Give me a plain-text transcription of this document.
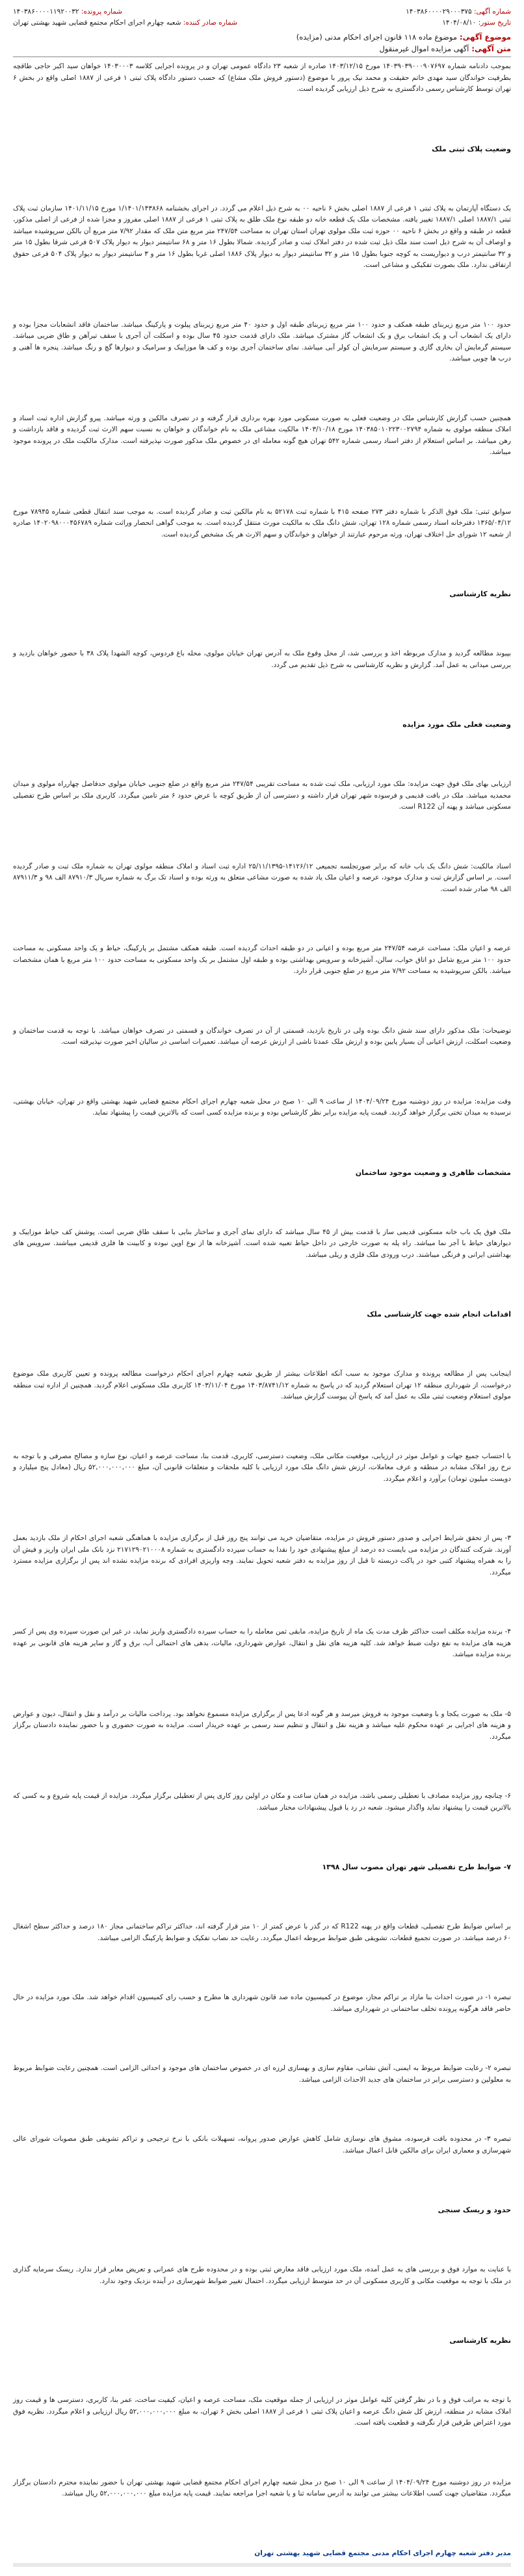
شماره آگهی: ۱۴۰۳۸۶۰۰۰۰۲۹۰۰۰۳۷۵
تاریخ ستور: ۱۴۰۴/۰۸/۱۰
شماره پرونده: ۱۴۰۳۸۶۰۰۰۰۱۱۹۲۰۰۳۲
شماره صادر کننده: شعبه چهارم اجرای احکام مجتمع قضایی شهید بهشتی تهران
موضوع آگهی: موضوع ماده ۱۱۸ قانون اجرای احکام مدنی (مزایده)
متن آگهی: آگهی مزایده اموال غیرمنقول

بموجب دادنامه شماره ۱۴۰۳۹۰۳۹۰۰۰۹۰۷۶۹۷ مورخ ۱۴۰۳/۱۲/۱۵ صادره از شعبه ۲۳ دادگاه عمومی تهران و در پرونده اجرایی کلاسه ۱۴۰۳۰۰۰۳ خواهان سید اکبر حاجی طاقچه بطرفیت خواندگان سید مهدی خاتم حقیقت و محمد نیک پرور با موضوع (دستور فروش ملک مشاع) که حسب دستور دادگاه پلاک ثبتی ۱ فرعی از ۱۸۸۷ اصلی واقع در بخش ۶ تهران توسط کارشناس رسمی دادگستری به شرح ذیل ارزیابی گردیده است.

وضعیت پلاک ثبتی ملک

یک دستگاه آپارتمان به پلاک ثبتی ۱ فرعی از ۱۸۸۷ اصلی بخش ۶ ناحیه ۰۰ به شرح ذیل اعلام می گردد. در اجرای بخشنامه ۱/۱۴۰۱/۱۴۳۸۶۸ مورخ ۱۴۰۱/۱۱/۱۵ سازمان ثبت پلاک ثبتی ۱۸۸۷/۱ اصلی ۱۸۸۷/۱ تغییر یافته. مشخصات ملک یک قطعه خانه دو طبقه نوع ملک طلق به پلاک ثبتی ۱ فرعی از ۱۸۸۷ اصلی مفروز و مجزا شده از فرعی از اصلی مذکور، قطعه در طبقه و واقع در بخش ۶ ناحیه ۰۰ حوزه ثبت ملک مولوی تهران استان تهران به مساحت ۲۴۷/۵۴ متر مربع متن ملک که مقدار ۷/۹۲ متر مربع آن بالکن سرپوشیده میباشد و اوصاف آن به شرح ذیل است سند ملک ذیل ثبت شده در دفتر املاک ثبت و صادر گردیده. شمالا بطول ۱۶ متر و ۶۸ سانتیمتر دیوار به دیوار پلاک ۵۰۷ فرعی شرقا بطول ۱۵ متر و ۳۲ سانتیمتر درب و دیواریست به کوچه جنوبا بطول ۱۵ متر و ۳۲ سانتیمتر دیوار به دیوار پلاک ۱۸۸۶ اصلی غربا بطول ۱۶ متر و ۳ سانتیمتر دیوار به دیوار پلاک ۵۰۴ فرعی حقوق ارتفاقی ندارد. ملک بصورت تفکیکی و مشاعی است.

حدود ۱۰۰ متر مربع زیربنای طبقه همکف و حدود ۱۰۰ متر مربع زیربنای طبقه اول و حدود ۴۰ متر مربع زیربنای پیلوت و پارکینگ میباشد. ساختمان فاقد انشعابات مجزا بوده و دارای یک انشعاب آب و یک انشعاب برق و یک انشعاب گاز مشترک میباشد. ملک دارای قدمت حدود ۴۵ سال بوده و اسکلت آن آجری با سقف تیرآهن و طاق ضربی میباشد. سیستم گرمایش آن بخاری گازی و سیستم سرمایش آن کولر آبی میباشد. نمای ساختمان آجری بوده و کف ها موزاییک و سرامیک و دیوارها گچ و رنگ میباشد. پنجره ها آهنی و درب ها چوبی میباشد.

همچنین حسب گزارش کارشناس ملک در وضعیت فعلی به صورت مسکونی مورد بهره برداری قرار گرفته و در تصرف مالکین و ورثه میباشد. پیرو گزارش اداره ثبت اسناد و املاک منطقه مولوی به شماره ۱۴۰۳۸۵۰۱۰۲۲۳۰۰۲۷۹۴ مورخ ۱۴۰۳/۱۰/۱۸ مالکیت مشاعی ملک به نام خواندگان و خواهان به نسبت سهم الارث ثبت گردیده و فاقد بازداشت و رهن میباشد. بر اساس استعلام از دفتر اسناد رسمی شماره ۵۴۲ تهران هیچ گونه معامله ای در خصوص ملک مذکور صورت نپذیرفته است. مدارک مالکیت ملک در پرونده موجود میباشد.

سوابق ثبتی: ملک فوق الذکر با شماره دفتر ۲۷۳ صفحه ۴۱۵ با شماره ثبت ۵۲۱۷۸ به نام مالکین ثبت و صادر گردیده است. به موجب سند انتقال قطعی شماره ۷۸۹۴۵ مورخ ۱۳۶۵/۰۴/۱۲ دفترخانه اسناد رسمی شماره ۱۲۸ تهران، شش دانگ ملک به مالکیت مورث منتقل گردیده است. به موجب گواهی انحصار وراثت شماره ۱۴۰۲۰۹۸۰۰۰۴۵۶۷۸۹ صادره از شعبه ۱۲ شورای حل اختلاف تهران، ورثه مرحوم عبارتند از خواهان و خواندگان و سهم الارث هر یک مشخص گردیده است.

نظریه کارشناسی

بپیوند مطالعه گردید و مدارک مربوطه اخذ و بررسی شد، از محل وقوع ملک به آدرس تهران خیابان مولوی، محله باغ فردوس، کوچه الشهدا پلاک ۳۸ با حضور خواهان بازدید و بررسی میدانی به عمل آمد. گزارش و نظریه کارشناسی به شرح ذیل تقدیم می گردد.

وضعیت فعلی ملک مورد مزایده

ارزیابی بهای ملک فوق جهت مزایده: ملک مورد ارزیابی، ملک ثبت شده به مساحت تقریبی ۲۴۷/۵۴ متر مربع واقع در ضلع جنوبی خیابان مولوی حدفاصل چهارراه مولوی و میدان محمدیه میباشد. ملک در بافت قدیمی و فرسوده شهر تهران قرار داشته و دسترسی آن از طریق کوچه با عرض حدود ۶ متر تامین میگردد. کاربری ملک بر اساس طرح تفصیلی مسکونی میباشد و پهنه آن R122 است.

اسناد مالکیت: شش دانگ یک باب خانه که برابر صورتجلسه تجمیعی ۱۴۱۲۶/۱۲-۲۵/۱۱/۱۳۹۵ اداره ثبت اسناد و املاک منطقه مولوی تهران به شماره ملک ثبت و صادر گردیده است. بر اساس گزارش ثبت و مدارک موجود، عرصه و اعیان ملک یاد شده به صورت مشاعی متعلق به ورثه بوده و اسناد تک برگ به شماره سریال ۸۷۹۱۰/۳ الف ۹۸ و ۸۷۹۱۱/۳ الف ۹۸ صادر شده است.

عرصه و اعیان ملک: مساحت عرصه ۲۴۷/۵۴ متر مربع بوده و اعیانی در دو طبقه احداث گردیده است. طبقه همکف مشتمل بر پارکینگ، حیاط و یک واحد مسکونی به مساحت حدود ۱۰۰ متر مربع شامل دو اتاق خواب، سالن، آشپزخانه و سرویس بهداشتی بوده و طبقه اول مشتمل بر یک واحد مسکونی به مساحت حدود ۱۰۰ متر مربع با همان مشخصات میباشد. بالکن سرپوشیده به مساحت ۷/۹۲ متر مربع در ضلع جنوبی قرار دارد.

توضیحات: ملک مذکور دارای سند شش دانگ بوده ولی در تاریخ بازدید، قسمتی از آن در تصرف خواندگان و قسمتی در تصرف خواهان میباشد. با توجه به قدمت ساختمان و وضعیت اسکلت، ارزش اعیانی آن بسیار پایین بوده و ارزش ملک عمدتا ناشی از ارزش عرصه آن میباشد. تعمیرات اساسی در سالیان اخیر صورت نپذیرفته است.

وقت مزایده: مزایده در روز دوشنبه مورخ ۱۴۰۴/۰۹/۲۴ از ساعت ۹ الی ۱۰ صبح در محل شعبه چهارم اجرای احکام مجتمع قضایی شهید بهشتی واقع در تهران، خیابان بهشتی، نرسیده به میدان تختی برگزار خواهد گردید. قیمت پایه مزایده برابر نظر کارشناس بوده و برنده مزایده کسی است که بالاترین قیمت را پیشنهاد نماید.

مشخصات ظاهری و وضعیت موجود ساختمان

ملک فوق یک باب خانه مسکونی قدیمی ساز با قدمت بیش از ۴۵ سال میباشد که دارای نمای آجری و ساختار بنایی با سقف طاق ضربی است. پوشش کف حیاط موزاییک و دیوارهای حیاط با آجر نما میباشد. راه پله به صورت خارجی در داخل حیاط تعبیه شده است. آشپزخانه ها از نوع اوپن نبوده و کابینت ها فلزی قدیمی میباشند. سرویس های بهداشتی ایرانی و فرنگی میباشند. درب ورودی ملک فلزی و ریلی میباشد.

اقدامات انجام شده جهت کارشناسی ملک

اینجانب پس از مطالعه پرونده و مدارک موجود به سبب آنکه اطلاعات بیشتر از طریق شعبه چهارم اجرای احکام درخواست مطالعه پرونده و تعیین کاربری ملک موضوع درخواست، از شهرداری منطقه ۱۲ تهران استعلام گردید که در پاسخ به شماره ۱۴۰۳/۸۷۴۱/۱۲ مورخ ۱۴۰۳/۱۱/۰۴ کاربری ملک مسکونی اعلام گردید. همچنین از اداره ثبت منطقه مولوی استعلام وضعیت ثبتی ملک به عمل آمد که پاسخ آن پیوست گزارش میباشد.

با احتساب جمیع جهات و عوامل موثر در ارزیابی، موقعیت مکانی ملک، وضعیت دسترسی، کاربری، قدمت بنا، مساحت عرصه و اعیان، نوع سازه و مصالح مصرفی و با توجه به نرخ روز املاک مشابه در منطقه و عرف معاملات، ارزش شش دانگ ملک مورد ارزیابی با کلیه ملحقات و متعلقات قانونی آن، مبلغ ۵۲,۰۰۰,۰۰۰,۰۰۰ ریال (معادل پنج میلیارد و دویست میلیون تومان) برآورد و اعلام میگردد.

۳- پس از تحقق شرایط اجرایی و صدور دستور فروش در مزایده، متقاضیان خرید می توانند پنج روز قبل از برگزاری مزایده با هماهنگی شعبه اجرای احکام از ملک بازدید بعمل آورند. شرکت کنندگان در مزایده می بایست ده درصد از مبلغ پیشنهادی خود را نقدا به حساب سپرده دادگستری به شماره ۲۱۷۱۲۹۰۲۱۰۰۰۸ نزد بانک ملی ایران واریز و فیش آن را به همراه پیشنهاد کتبی خود در پاکت دربسته تا قبل از روز مزایده به دفتر شعبه تحویل نمایند. وجه واریزی افرادی که برنده مزایده نشده اند پس از برگزاری مزایده مسترد میگردد.

۴- برنده مزایده مکلف است حداکثر ظرف مدت یک ماه از تاریخ مزایده، مابقی ثمن معامله را به حساب سپرده دادگستری واریز نماید، در غیر این صورت سپرده وی پس از کسر هزینه های مزایده به نفع دولت ضبط خواهد شد. کلیه هزینه های نقل و انتقال، عوارض شهرداری، مالیات، بدهی های احتمالی آب، برق و گاز و سایر هزینه های قانونی بر عهده برنده مزایده میباشد.

۵- ملک به صورت یکجا و با وضعیت موجود به فروش میرسد و هر گونه ادعا پس از برگزاری مزایده مسموع نخواهد بود. پرداخت مالیات بر درآمد و نقل و انتقال، دیون و عوارض و هزینه های اجرایی بر عهده محکوم علیه میباشد و هزینه نقل و انتقال و تنظیم سند رسمی بر عهده خریدار است. مزایده به صورت حضوری و با حضور نماینده دادستان برگزار میگردد.

۶- چنانچه روز مزایده مصادف با تعطیلی رسمی باشد، مزایده در همان ساعت و مکان در اولین روز کاری پس از تعطیلی برگزار میگردد. مزایده از قیمت پایه شروع و به کسی که بالاترین قیمت را پیشنهاد نماید واگذار میشود. شعبه در رد یا قبول پیشنهادات مختار میباشد.

۷- ضوابط طرح تفصیلی شهر تهران مصوب سال ۱۳۹۸

بر اساس ضوابط طرح تفصیلی، قطعات واقع در پهنه R122 که در گذر با عرض کمتر از ۱۰ متر قرار گرفته اند، حداکثر تراکم ساختمانی مجاز ۱۸۰ درصد و حداکثر سطح اشغال ۶۰ درصد میباشد. در صورت تجمیع قطعات، تشویقی طبق ضوابط مربوطه اعمال میگردد. رعایت حد نصاب تفکیک و ضوابط پارکینگ الزامی میباشد.

تبصره ۱- در صورت احداث بنا مازاد بر تراکم مجاز، موضوع در کمیسیون ماده صد قانون شهرداری ها مطرح و حسب رای کمیسیون اقدام خواهد شد. ملک مورد مزایده در حال حاضر فاقد هرگونه پرونده تخلف ساختمانی در شهرداری میباشد.

تبصره ۲- رعایت ضوابط مربوط به ایمنی، آتش نشانی، مقاوم سازی و بهسازی لرزه ای در خصوص ساختمان های موجود و احداثی الزامی است. همچنین رعایت ضوابط مربوط به معلولین و دسترسی برابر در ساختمان های جدید الاحداث الزامی میباشد.

تبصره ۳- در محدوده بافت فرسوده، مشوق های نوسازی شامل کاهش عوارض صدور پروانه، تسهیلات بانکی با نرخ ترجیحی و تراکم تشویقی طبق مصوبات شورای عالی شهرسازی و معماری ایران برای مالکین قابل اعمال میباشد.

حدود و ریسک سنجی

با عنایت به موارد فوق و بررسی های به عمل آمده، ملک مورد ارزیابی فاقد معارض ثبتی بوده و در محدوده طرح های عمرانی و تعریض معابر قرار ندارد. ریسک سرمایه گذاری در ملک با توجه به موقعیت مکانی و کاربری مسکونی آن در حد متوسط ارزیابی میگردد. احتمال تغییر ضوابط شهرسازی در آینده نزدیک وجود ندارد.

نظریه کارشناسی

با توجه به مراتب فوق و با در نظر گرفتن کلیه عوامل موثر در ارزیابی از جمله موقعیت ملک، مساحت عرصه و اعیان، کیفیت ساخت، عمر بنا، کاربری، دسترسی ها و قیمت روز املاک مشابه در منطقه، ارزش کل شش دانگ عرصه و اعیان پلاک ثبتی ۱ فرعی از ۱۸۸۷ اصلی بخش ۶ تهران، به مبلغ ۵۲,۰۰۰,۰۰۰,۰۰۰ ریال ارزیابی و اعلام میگردد. نظریه فوق مورد اعتراض طرفین قرار نگرفته و قطعیت یافته است.

مزایده در روز دوشنبه مورخ ۱۴۰۴/۰۹/۲۴ از ساعت ۹ الی ۱۰ صبح در محل شعبه چهارم اجرای احکام مجتمع قضایی شهید بهشتی تهران با حضور نماینده محترم دادستان برگزار میگردد. متقاضیان جهت کسب اطلاعات بیشتر می توانند به آدرس سامانه ثنا و یا شعبه اجرا مراجعه نمایند. قیمت پایه مزایده مبلغ ۵۲,۰۰۰,۰۰۰,۰۰۰ ریال میباشد.

مدیر دفتر شعبه چهارم اجرای احکام مدنی مجتمع قضایی شهید بهشتی تهران
